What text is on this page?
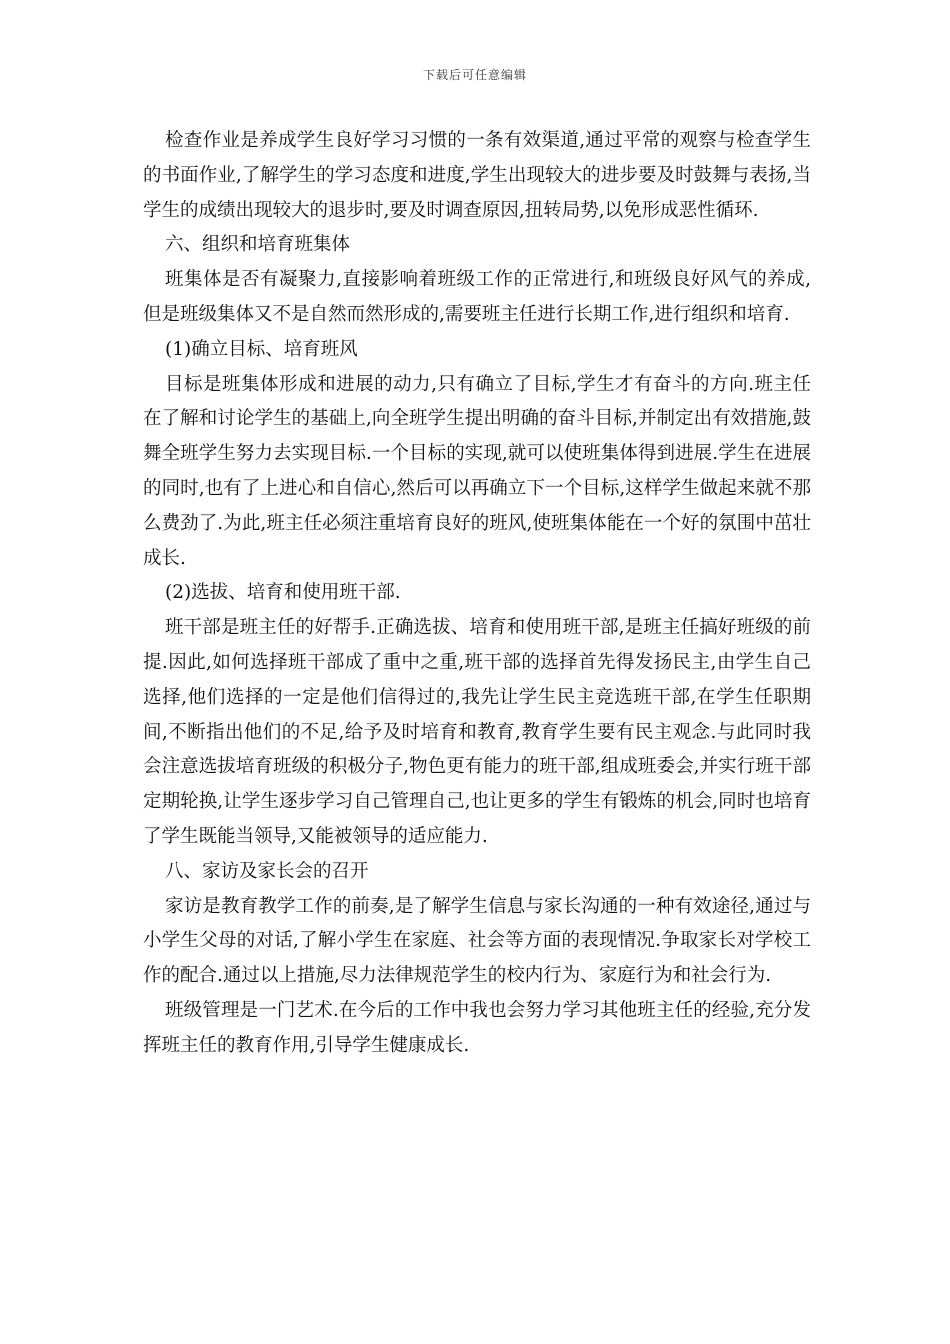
下载后可任意编辑

检查作业是养成学生良好学习习惯的一条有效渠道,通过平常的观察与检查学生的书面作业,了解学生的学习态度和进度,学生出现较大的进步要及时鼓舞与表扬,当学生的成绩出现较大的退步时,要及时调查原因,扭转局势,以免形成恶性循环.

六、组织和培育班集体

班集体是否有凝聚力,直接影响着班级工作的正常进行,和班级良好风气的养成,但是班级集体又不是自然而然形成的,需要班主任进行长期工作,进行组织和培育.

(1)确立目标、培育班风

目标是班集体形成和进展的动力,只有确立了目标,学生才有奋斗的方向.班主任在了解和讨论学生的基础上,向全班学生提出明确的奋斗目标,并制定出有效措施,鼓舞全班学生努力去实现目标.一个目标的实现,就可以使班集体得到进展.学生在进展的同时,也有了上进心和自信心,然后可以再确立下一个目标,这样学生做起来就不那么费劲了.为此,班主任必须注重培育良好的班风,使班集体能在一个好的氛围中茁壮成长.

(2)选拔、培育和使用班干部.

班干部是班主任的好帮手.正确选拔、培育和使用班干部,是班主任搞好班级的前提.因此,如何选择班干部成了重中之重,班干部的选择首先得发扬民主,由学生自己选择,他们选择的一定是他们信得过的,我先让学生民主竞选班干部,在学生任职期间,不断指出他们的不足,给予及时培育和教育,教育学生要有民主观念.与此同时我会注意选拔培育班级的积极分子,物色更有能力的班干部,组成班委会,并实行班干部定期轮换,让学生逐步学习自己管理自己,也让更多的学生有锻炼的机会,同时也培育了学生既能当领导,又能被领导的适应能力.

八、家访及家长会的召开

家访是教育教学工作的前奏,是了解学生信息与家长沟通的一种有效途径,通过与小学生父母的对话,了解小学生在家庭、社会等方面的表现情况.争取家长对学校工作的配合.通过以上措施,尽力法律规范学生的校内行为、家庭行为和社会行为.

班级管理是一门艺术.在今后的工作中我也会努力学习其他班主任的经验,充分发挥班主任的教育作用,引导学生健康成长.
